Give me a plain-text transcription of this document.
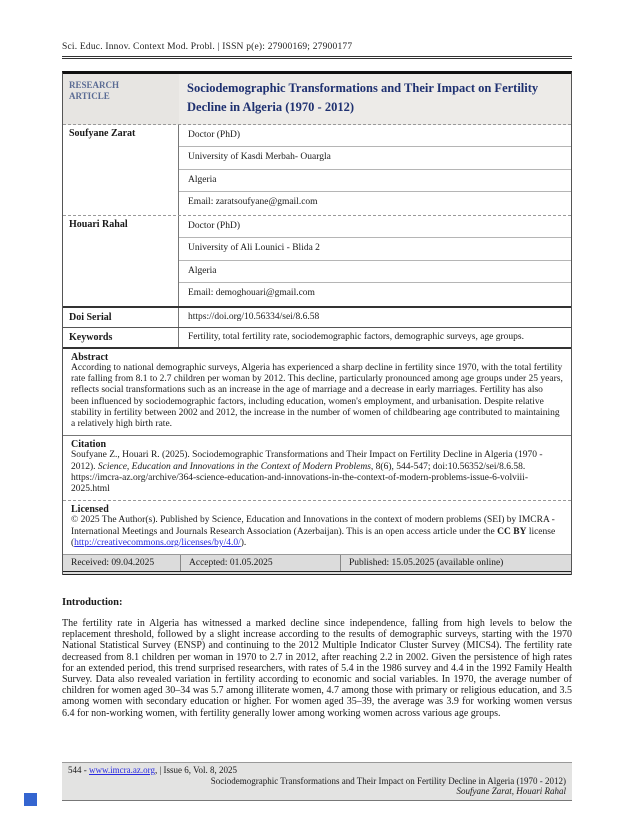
Sci. Educ. Innov. Context Mod. Probl. | ISSN p(e): 27900169; 27900177
RESEARCH
ARTICLE
Sociodemographic Transformations and Their Impact on Fertility Decline in Algeria (1970 - 2012)
Soufyane Zarat	Doctor (PhD)
University of Kasdi Merbah- Ouargla
Algeria
Email: zaratsoufyane@gmail.com
Houari Rahal	Doctor (PhD)
University of Ali Lounici - Blida 2
Algeria
Email: demoghouari@gmail.com
Doi Serial	https://doi.org/10.56334/sei/8.6.58
Keywords	Fertility, total fertility rate, sociodemographic factors, demographic surveys, age groups.
Abstract
According to national demographic surveys, Algeria has experienced a sharp decline in fertility since 1970, with the total fertility rate falling from 8.1 to 2.7 children per woman by 2012. This decline, particularly pronounced among age groups under 25 years, reflects social transformations such as an increase in the age of marriage and a decrease in early marriages. Fertility has also been influenced by sociodemographic factors, including education, women's employment, and urbanisation. Despite relative stability in fertility between 2002 and 2012, the increase in the number of women of childbearing age contributed to maintaining a relatively high birth rate.
Citation
Soufyane Z., Houari R. (2025). Sociodemographic Transformations and Their Impact on Fertility Decline in Algeria (1970 - 2012). Science, Education and Innovations in the Context of Modern Problems, 8(6), 544-547; doi:10.56352/sei/8.6.58. https://imcra-az.org/archive/364-science-education-and-innovations-in-the-context-of-modern-problems-issue-6-volviii-2025.html
Licensed
© 2025 The Author(s). Published by Science, Education and Innovations in the context of modern problems (SEI) by IMCRA - International Meetings and Journals Research Association (Azerbaijan). This is an open access article under the CC BY license (http://creativecommons.org/licenses/by/4.0/).
Received: 09.04.2025	Accepted: 01.05.2025	Published: 15.05.2025 (available online)
Introduction:
The fertility rate in Algeria has witnessed a marked decline since independence, falling from high levels to below the replacement threshold, followed by a slight increase according to the results of demographic surveys, starting with the 1970 National Statistical Survey (ENSP) and continuing to the 2012 Multiple Indicator Cluster Survey (MICS4). The fertility rate decreased from 8.1 children per woman in 1970 to 2.7 in 2012, after reaching 2.2 in 2002. Given the persistence of high rates for an extended period, this trend surprised researchers, with rates of 5.4 in the 1986 survey and 4.4 in the 1992 Family Health Survey. Data also revealed variation in fertility according to economic and social variables. In 1970, the average number of children for women aged 30–34 was 5.7 among illiterate women, 4.7 among those with primary or religious education, and 3.5 among women with secondary education or higher. For women aged 35–39, the average was 3.9 for working women versus 6.4 for non-working women, with fertility generally lower among working women across various age groups.
544 - www.imcra.az.org, | Issue 6, Vol. 8, 2025
Sociodemographic Transformations and Their Impact on Fertility Decline in Algeria (1970 - 2012)
Soufyane Zarat, Houari Rahal
